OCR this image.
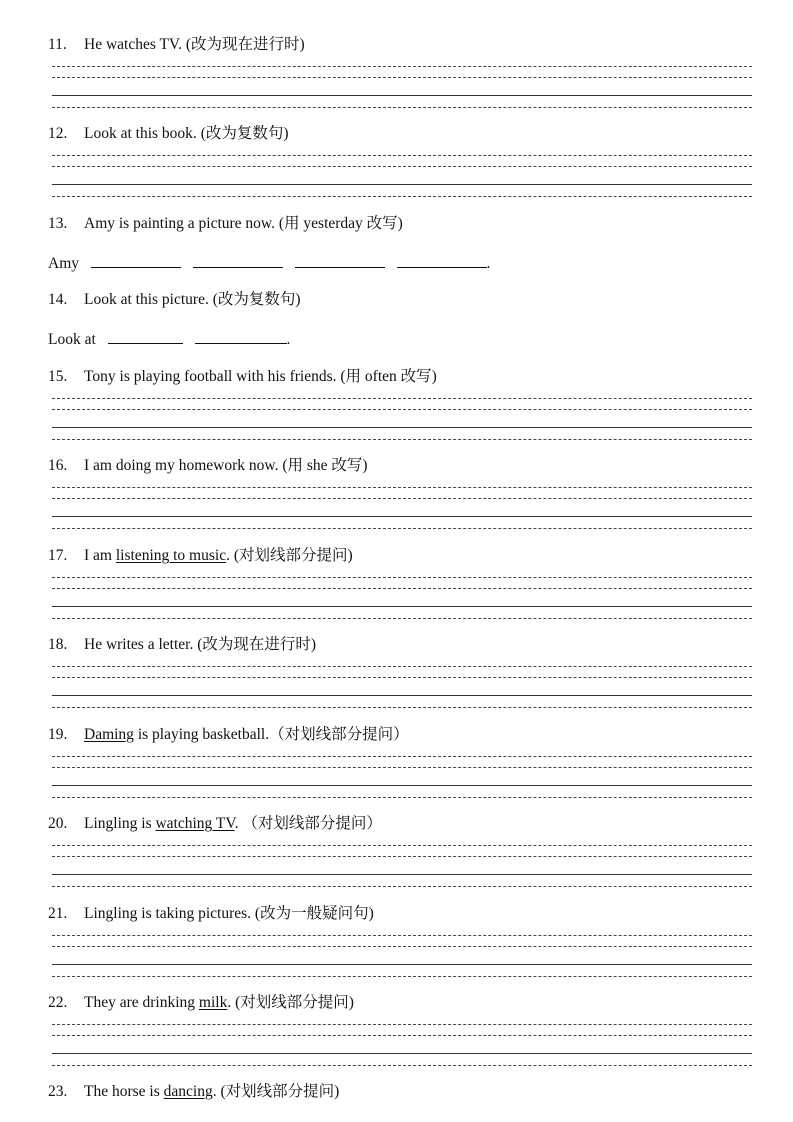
11. He watches TV. (改为现在进行时)
12. Look at this book. (改为复数句)
13. Amy is painting a picture now. (用 yesterday 改写)
Amy	.
14. Look at this picture. (改为复数句)
Look at	.
15. Tony is playing football with his friends. (用 often 改写)
16. I am doing my homework now. (用 she 改写)
17. I am listening to music. (对划线部分提问)
18. He writes a letter. (改为现在进行时)
19. Daming is playing basketball.（对划线部分提问）
20. Lingling is watching TV. （对划线部分提问）
21. Lingling is taking pictures. (改为一般疑问句)
22. They are drinking milk. (对划线部分提问)
23. The horse is dancing. (对划线部分提问)
